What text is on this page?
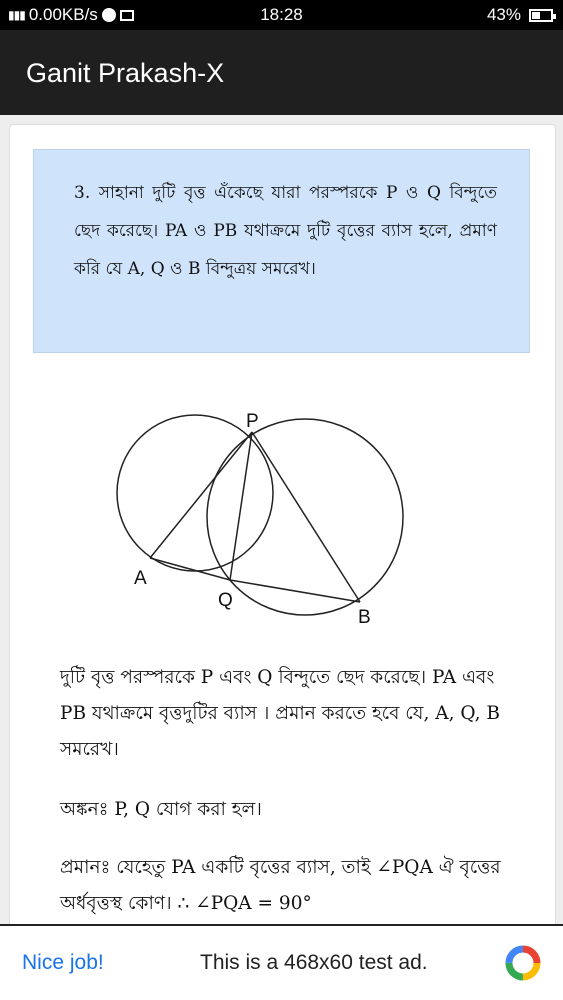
▮▮▮ 0.00KB/s	18:28	43%
Ganit Prakash-X
3. সাহানা দুটি বৃত্ত এঁকেছে যারা পরস্পরকে P ও Q বিন্দুতে ছেদ করেছে। PA ও PB যথাক্রমে দুটি বৃত্তের ব্যাস হলে, প্রমাণ করি যে A, Q ও B বিন্দুত্রয় সমরেখ।
P
A
Q
B
দুটি বৃত্ত পরস্পরকে P এবং Q বিন্দুতে ছেদ করেছে। PA এবং PB যথাক্রমে বৃত্তদুটির ব্যাস । প্রমান করতে হবে যে, A, Q, B সমরেখ।
অঙ্কনঃ P, Q যোগ করা হল।
প্রমানঃ যেহেতু PA একটি বৃত্তের ব্যাস, তাই ∠PQA ঐ বৃত্তের অর্ধবৃত্তস্থ কোণ। ∴ ∠PQA = 90°
Nice job!	This is a 468x60 test ad.
